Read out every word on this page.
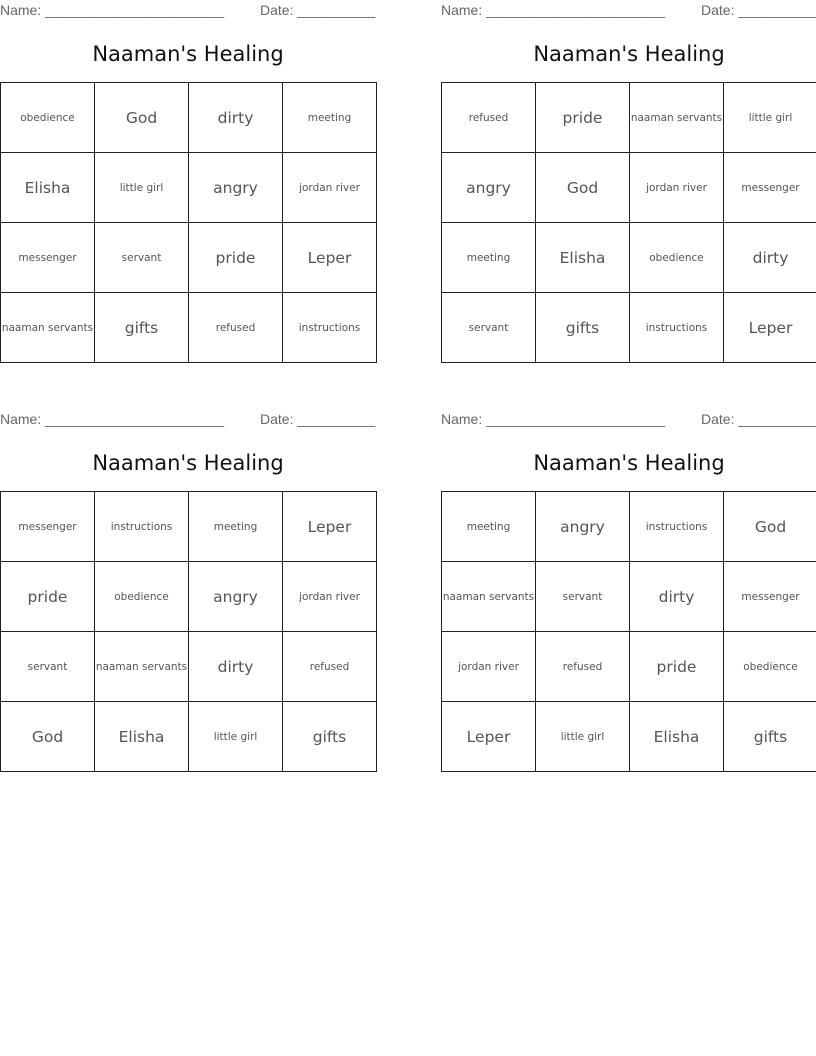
Name: _______________________	Date: __________
Naaman's Healing
obedience	God	dirty	meeting
Elisha	little girl	angry	jordan river
messenger	servant	pride	Leper
naaman servants	gifts	refused	instructions
Name: _______________________	Date: __________
Naaman's Healing
refused	pride	naaman servants	little girl
angry	God	jordan river	messenger
meeting	Elisha	obedience	dirty
servant	gifts	instructions	Leper
Name: _______________________	Date: __________
Naaman's Healing
messenger	instructions	meeting	Leper
pride	obedience	angry	jordan river
servant	naaman servants	dirty	refused
God	Elisha	little girl	gifts
Name: _______________________	Date: __________
Naaman's Healing
meeting	angry	instructions	God
naaman servants	servant	dirty	messenger
jordan river	refused	pride	obedience
Leper	little girl	Elisha	gifts
